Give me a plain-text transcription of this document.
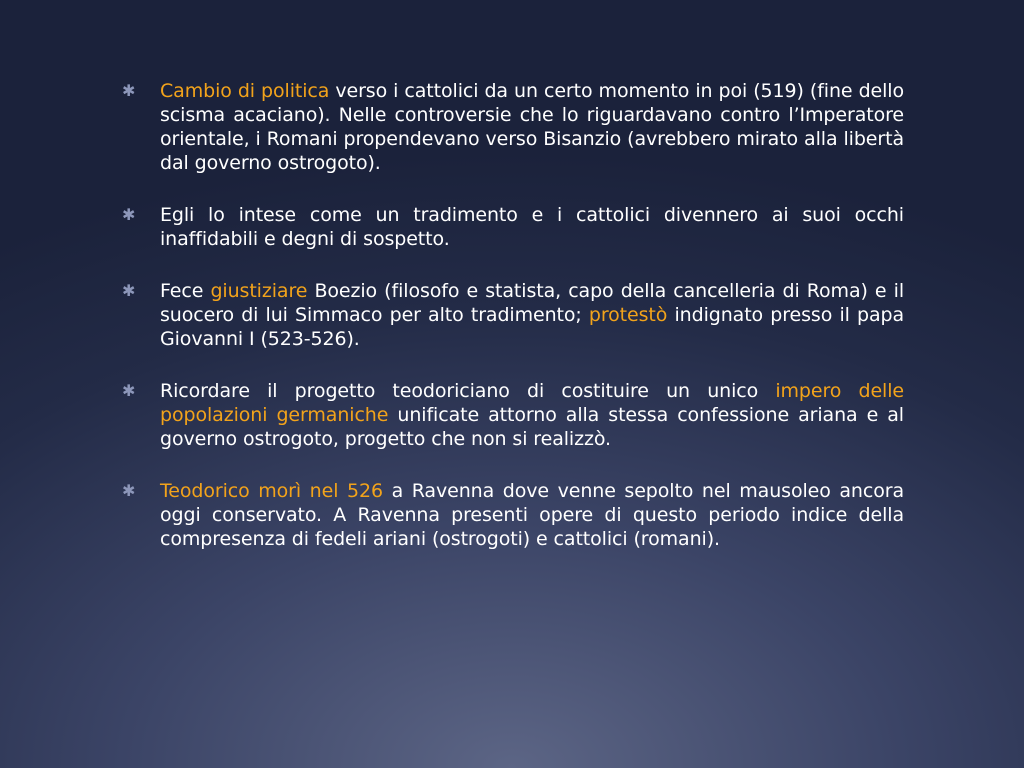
✱ Cambio di politica verso i cattolici da un certo momento in poi (519) (fine dello scisma acaciano). Nelle controversie che lo riguardavano contro l’Imperatore orientale, i Romani propendevano verso Bisanzio (avrebbero mirato alla libertà dal governo ostrogoto).
✱ Egli lo intese come un tradimento e i cattolici divennero ai suoi occhi inaffidabili e degni di sospetto.
✱ Fece giustiziare Boezio (filosofo e statista, capo della cancelleria di Roma) e il suocero di lui Simmaco per alto tradimento; protestò indignato presso il papa Giovanni I (523-526).
✱ Ricordare il progetto teodoriciano di costituire un unico impero delle popolazioni germaniche unificate attorno alla stessa confessione ariana e al governo ostrogoto, progetto che non si realizzò.
✱ Teodorico morì nel 526 a Ravenna dove venne sepolto nel mausoleo ancora oggi conservato. A Ravenna presenti opere di questo periodo indice della compresenza di fedeli ariani (ostrogoti) e cattolici (romani).
